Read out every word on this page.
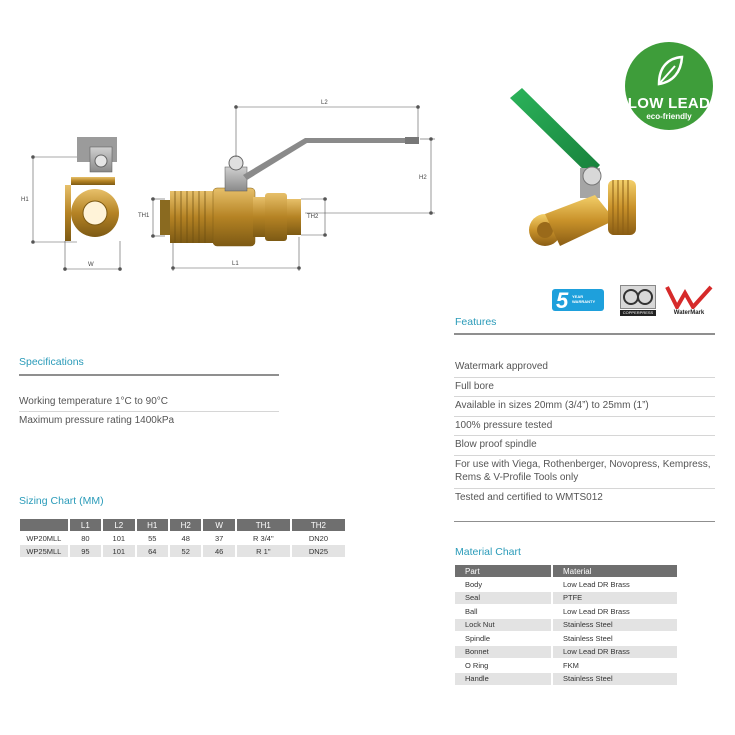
H1
W
L2
H2
TH1	TH2
L1
LOW LEAD
eco-friendly
5 YEAR WARRANTY
COPPERPRESS	WaterMark
Specifications
Working temperature 1°C to 90°C
Maximum pressure rating 1400kPa
Sizing Chart (MM)
	L1	L2	H1	H2	W	TH1	TH2
WP20MLL	80	101	55	48	37	R 3/4"	DN20
WP25MLL	95	101	64	52	46	R 1"	DN25
Features
Watermark approved
Full bore
Available in sizes 20mm (3/4”) to 25mm (1”)
100% pressure tested
Blow proof spindle
For use with Viega, Rothenberger, Novopress, Kempress, Rems & V-Profile Tools only
Tested and certified to WMTS012
Material Chart
Part	Material
Body	Low Lead DR Brass
Seal	PTFE
Ball	Low Lead DR Brass
Lock Nut	Stainless Steel
Spindle	Stainless Steel
Bonnet	Low Lead DR Brass
O Ring	FKM
Handle	Stainless Steel
